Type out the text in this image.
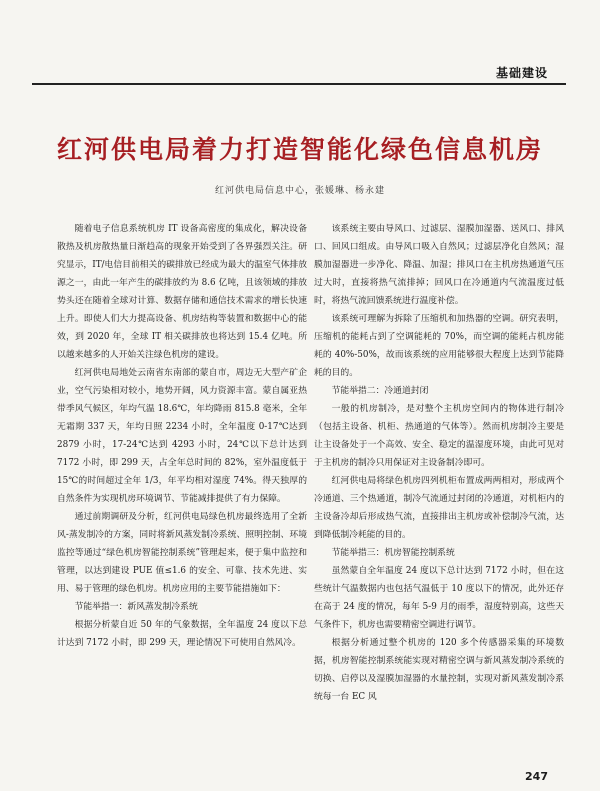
基础建设
红河供电局着力打造智能化绿色信息机房
红河供电局信息中心，张媛琳、杨永建

随着电子信息系统机房 IT 设备高密度的集成化，解决设备散热及机房散热量日渐趋高的现象开始受到了各界强烈关注。研究显示，IT/电信目前相关的碳排放已经成为最大的温室气体排放源之一，由此一年产生的碳排放约为 8.6 亿吨，且该领域的排放势头还在随着全球对计算、数据存储和通信技术需求的增长快速上升。即使人们大力提高设备、机房结构等装置和数据中心的能效，到 2020 年，全球 IT 相关碳排放也将达到 15.4 亿吨。所以越来越多的人开始关注绿色机房的建设。

红河供电局地处云南省东南部的蒙自市，周边无大型产矿企业，空气污染相对较小，地势开阔，风力资源丰富。蒙自属亚热带季风气候区，年均气温 18.6℃，年均降雨 815.8 毫米，全年无霜期 337 天，年均日照 2234 小时，全年温度 0-17℃达到 2879 小时，17-24℃达到 4293 小时，24℃以下总计达到 7172 小时，即 299 天，占全年总时间的 82%，室外温度低于 15℃的时间超过全年 1/3，年平均相对湿度 74%。得天独厚的自然条件为实现机房环境调节、节能减排提供了有力保障。

通过前期调研及分析，红河供电局绿色机房最终选用了全新风-蒸发制冷的方案，同时将新风蒸发制冷系统、照明控制、环境监控等通过“绿色机房智能控制系统”管理起来，便于集中监控和管理，以达到建设 PUE 值≤1.6 的安全、可靠、技术先进、实用、易于管理的绿色机房。机房应用的主要节能措施如下：

节能举措一：新风蒸发制冷系统

根据分析蒙自近 50 年的气象数据，全年温度 24 度以下总计达到 7172 小时，即 299 天，理论情况下可使用自然风冷。

该系统主要由导风口、过滤层、湿膜加湿器、送风口、排风口、回风口组成。由导风口吸入自然风；过滤层净化自然风；湿膜加湿器进一步净化、降温、加湿；排风口在主机房热通道气压过大时，直接将热气流排掉；回风口在冷通道内气流温度过低时，将热气流回馈系统进行温度补偿。

该系统可理解为拆除了压缩机和加热器的空调。研究表明，压缩机的能耗占到了空调能耗的 70%，而空调的能耗占机房能耗的 40%-50%，故而该系统的应用能够很大程度上达到节能降耗的目的。

节能举措二：冷通道封闭

一般的机房制冷，是对整个主机房空间内的物体进行制冷（包括主设备、机柜、热通道的气体等）。然而机房制冷主要是让主设备处于一个高效、安全、稳定的温湿度环境，由此可见对于主机房的制冷只用保证对主设备制冷即可。

红河供电局将绿色机房四列机柜布置成两两相对，形成两个冷通道、三个热通道，制冷气流通过封闭的冷通道，对机柜内的主设备冷却后形成热气流，直接排出主机房或补偿制冷气流，达到降低制冷耗能的目的。

节能举措三：机房智能控制系统

虽然蒙自全年温度 24 度以下总计达到 7172 小时，但在这些统计气温数据内也包括气温低于 10 度以下的情况，此外还存在高于 24 度的情况，每年 5-9 月的雨季，湿度特别高，这些天气条件下，机房也需要精密空调进行调节。

根据分析通过整个机房的 120 多个传感器采集的环境数据，机房智能控制系统能实现对精密空调与新风蒸发制冷系统的切换、启停以及湿膜加湿器的水量控制，实现对新风蒸发制冷系统每一台 EC 风

247
